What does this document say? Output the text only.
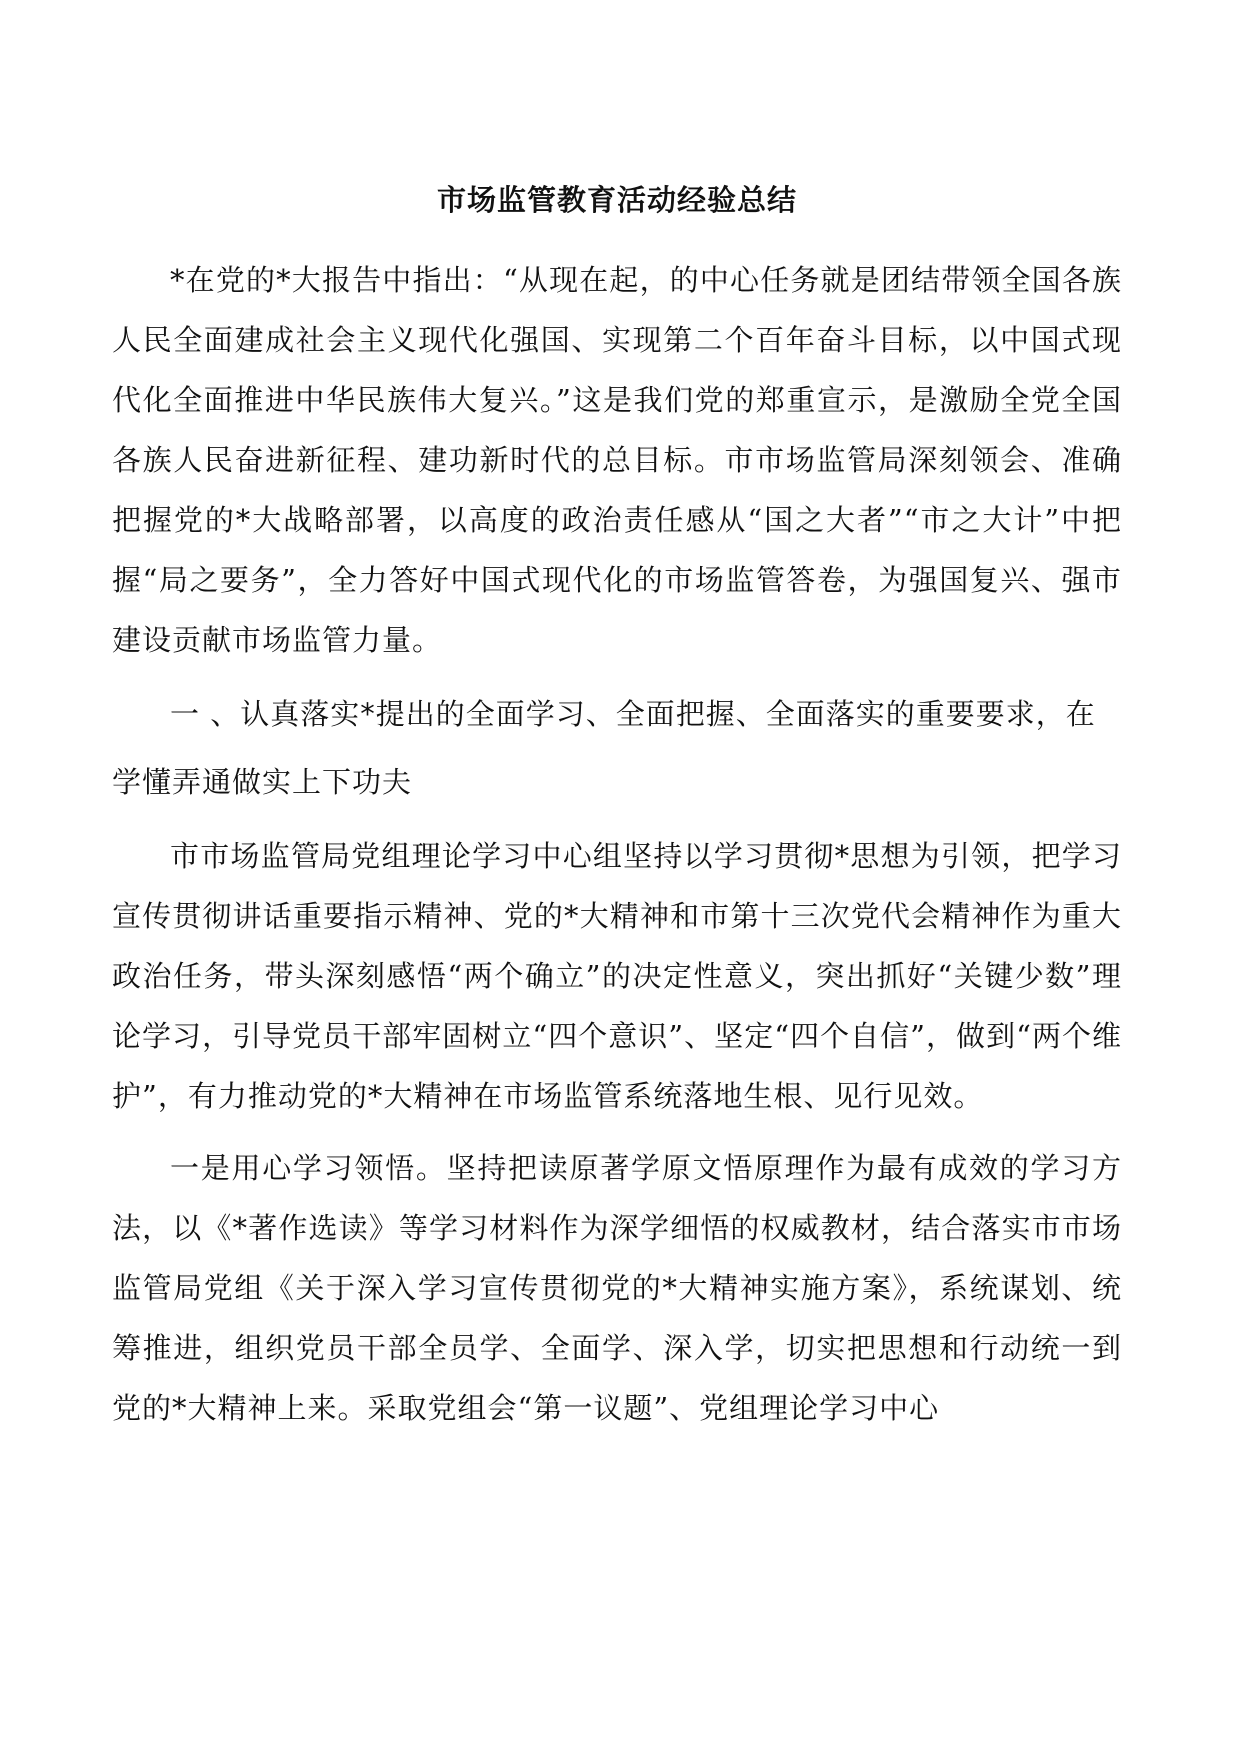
市场监管教育活动经验总结

*在党的*大报告中指出：“从现在起，的中心任务就是团结带领全国各族人民全面建成社会主义现代化强国、实现第二个百年奋斗目标，以中国式现代化全面推进中华民族伟大复兴。”这是我们党的郑重宣示，是激励全党全国各族人民奋进新征程、建功新时代的总目标。市市场监管局深刻领会、准确把握党的*大战略部署，以高度的政治责任感从“国之大者”“市之大计”中把握“局之要务”，全力答好中国式现代化的市场监管答卷，为强国复兴、强市建设贡献市场监管力量。

一 、认真落实*提出的全面学习、全面把握、全面落实的重要要求，在学懂弄通做实上下功夫

市市场监管局党组理论学习中心组坚持以学习贯彻*思想为引领，把学习宣传贯彻讲话重要指示精神、党的*大精神和市第十三次党代会精神作为重大政治任务，带头深刻感悟“两个确立”的决定性意义，突出抓好“关键少数”理论学习，引导党员干部牢固树立“四个意识”、坚定“四个自信”，做到“两个维护”，有力推动党的*大精神在市场监管系统落地生根、见行见效。

一是用心学习领悟。坚持把读原著学原文悟原理作为最有成效的学习方法，以《*著作选读》等学习材料作为深学细悟的权威教材，结合落实市市场监管局党组《关于深入学习宣传贯彻党的*大精神实施方案》，系统谋划、统筹推进，组织党员干部全员学、全面学、深入学，切实把思想和行动统一到党的*大精神上来。采取党组会“第一议题”、党组理论学习中心
